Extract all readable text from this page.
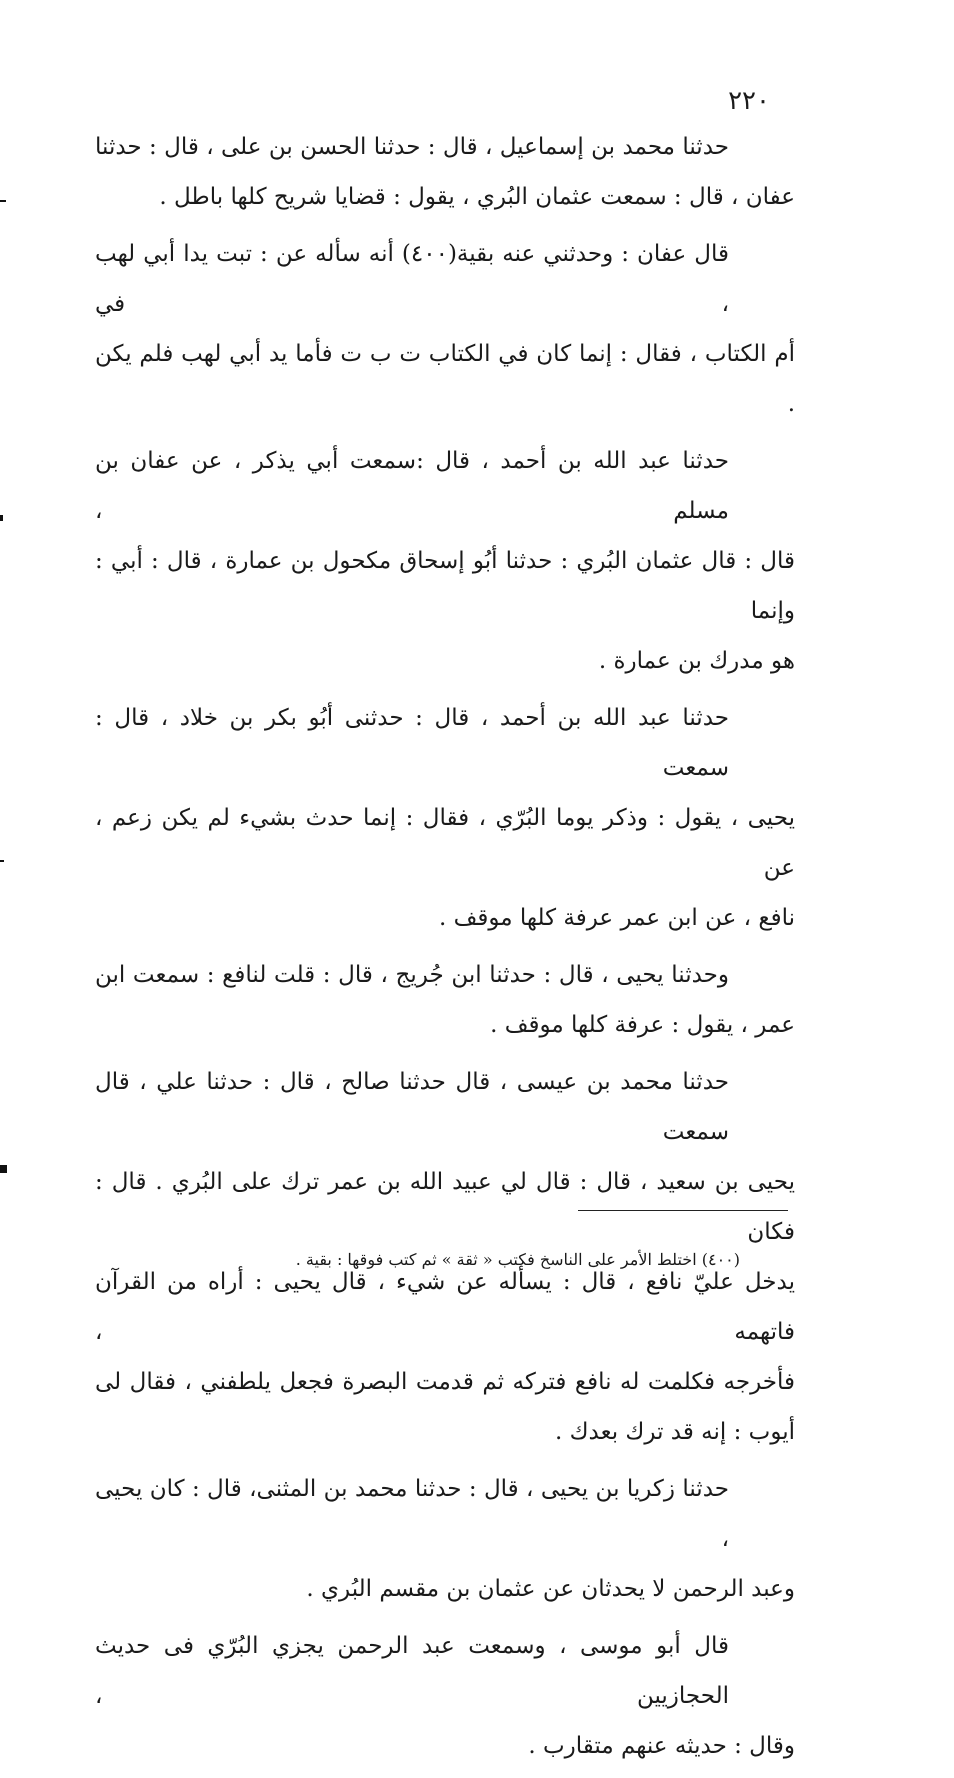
٢٢٠
حدثنا محمد بن إسماعيل ، قال : حدثنا الحسن بن على ، قال : حدثنا
عفان ، قال : سمعت عثمان البُري ، يقول : قضايا شريح كلها باطل .
قال عفان : وحدثني عنه بقية(٤٠٠) أنه سأله عن : تبت يدا أبي لهب ، في
أم الكتاب ، فقال : إنما كان في الكتاب ت ب ت فأما يد أبي لهب فلم يكن .
حدثنا عبد الله بن أحمد ، قال :سمعت أبي يذكر ، عن عفان بن مسلم ،
قال : قال عثمان البُري : حدثنا أبُو إسحاق مكحول بن عمارة ، قال : أبي : وإنما
هو مدرك بن عمارة .
حدثنا عبد الله بن أحمد ، قال : حدثنى أبُو بكر بن خلاد ، قال : سمعت
يحيى ، يقول : وذكر يوما البُرّي ، فقال : إنما حدث بشيء لم يكن زعم ، عن
نافع ، عن ابن عمر عرفة كلها موقف .
وحدثنا يحيى ، قال : حدثنا ابن جُريج ، قال : قلت لنافع : سمعت ابن
عمر ، يقول : عرفة كلها موقف .
حدثنا محمد بن عيسى ، قال حدثنا صالح ، قال : حدثنا علي ، قال سمعت
يحيى بن سعيد ، قال : قال لي عبيد الله بن عمر ترك على البُري . قال : فكان
يدخل عليّ نافع ، قال : يسأله عن شيء ، قال يحيى : أراه من القرآن فاتهمه ،
فأخرجه فكلمت له نافع فتركه ثم قدمت البصرة فجعل يلطفني ، فقال لى
أيوب : إنه قد ترك بعدك .
حدثنا زكريا بن يحيى ، قال : حدثنا محمد بن المثنى، قال : كان يحيى ،
وعبد الرحمن لا يحدثان عن عثمان بن مقسم البُري .
قال أبو موسى ، وسمعت عبد الرحمن يجزي البُرّي فى حديث الحجازيين ،
وقال : حديثه عنهم متقارب .
(٤٠٠) اختلط الأمر على الناسخ فكتب « ثقة » ثم كتب فوقها : بقية .
